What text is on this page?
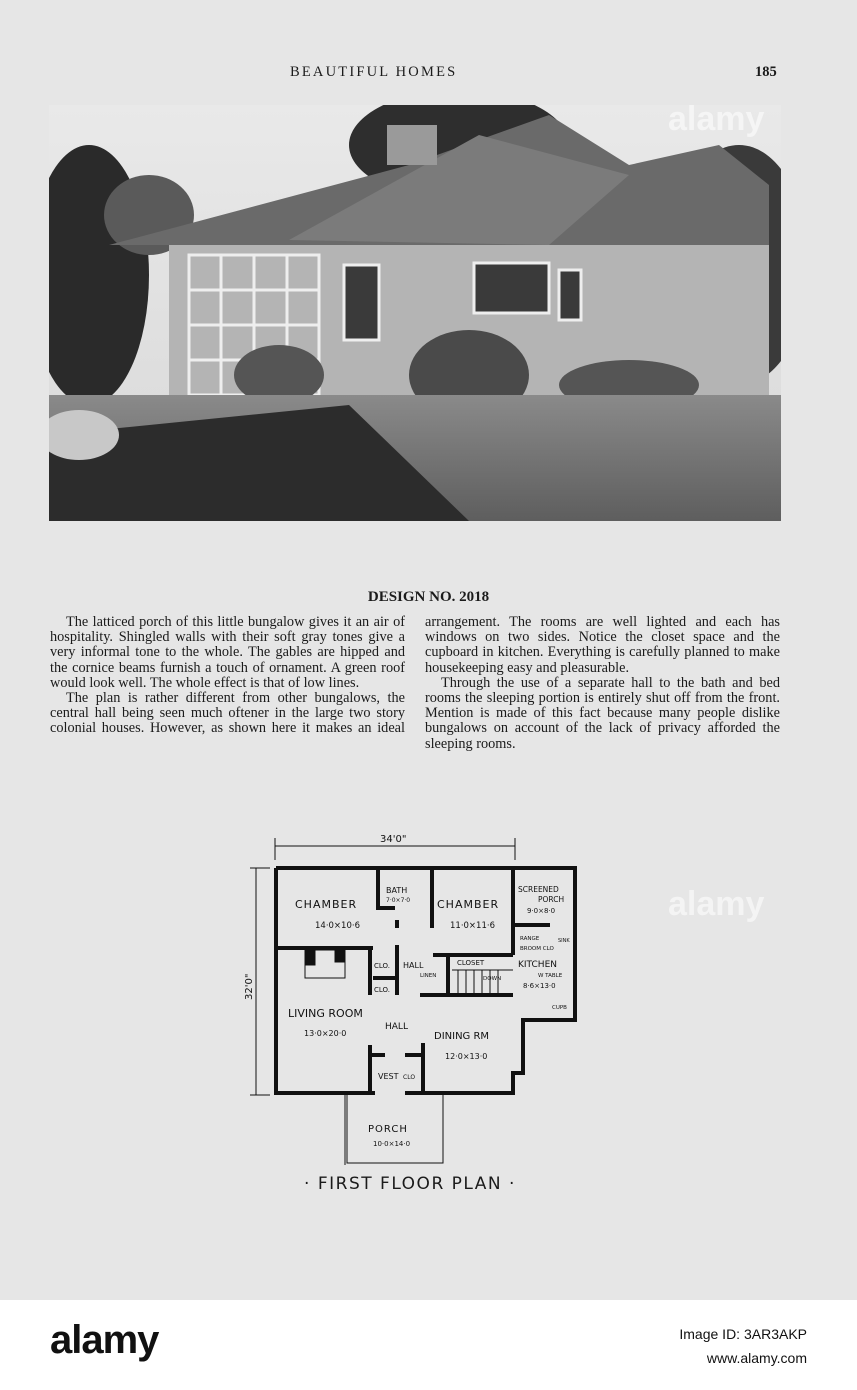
BEAUTIFUL HOMES	185
DESIGN NO. 2018

The latticed porch of this little bungalow gives it an air of hospitality. Shingled walls with their soft gray tones give a very informal tone to the whole. The gables are hipped and the cornice beams furnish a touch of ornament. A green roof would look well. The whole effect is that of low lines.

The plan is rather different from other bungalows, the central hall being seen much oftener in the large two story colonial houses. However, as shown here it makes an ideal

arrangement. The rooms are well lighted and each has windows on two sides. Notice the closet space and the cupboard in kitchen. Everything is carefully planned to make housekeeping easy and pleasurable.

Through the use of a separate hall to the bath and bed rooms the sleeping portion is entirely shut off from the front. Mention is made of this fact because many people dislike bungalows on account of the lack of privacy afforded the sleeping rooms.

CHAMBER
14·0×10·6
BATH
7·0×7·0 CHAMBER
11·0×11·6
SCREENED
PORCH
9·0×8·0
RANGE
BROOM CLO
SINK
KITCHEN
W TABLE
8·6×13·0
CUPB
CLO.
CLO.
HALL
LINEN
CLOSET
DOWN
LIVING ROOM
13·0×20·0
HALL
DINING RM
12·0×13·0
VEST CLO
PORCH
10·0×14·0
34'0"
32'0"
· FIRST FLOOR PLAN ·
alamy
alamy
alamy	Image ID: 3AR3AKP
www.alamy.com
